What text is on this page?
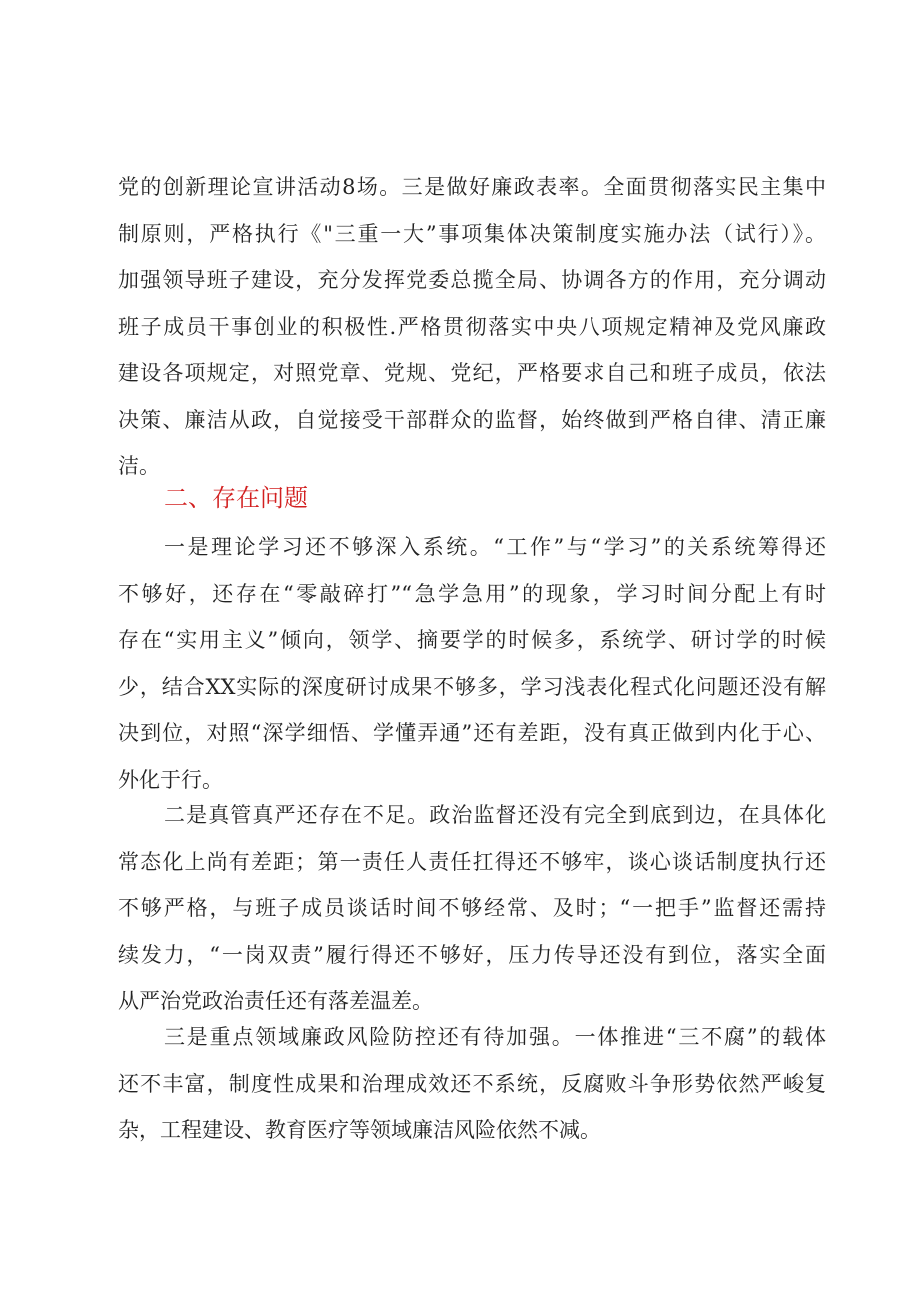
党的创新理论宣讲活动8场。三是做好廉政表率。全面贯彻落实民主集中
制原则，严格执行《"三重一大”事项集体决策制度实施办法（试行）》。
加强领导班子建设，充分发挥党委总揽全局、协调各方的作用，充分调动
班子成员干事创业的积极性.严格贯彻落实中央八项规定精神及党风廉政
建设各项规定，对照党章、党规、党纪，严格要求自己和班子成员，依法
决策、廉洁从政，自觉接受干部群众的监督，始终做到严格自律、清正廉
洁。
二、存在问题
一是理论学习还不够深入系统。“工作”与“学习”的关系统筹得还
不够好，还存在“零敲碎打”“急学急用”的现象，学习时间分配上有时
存在“实用主义”倾向，领学、摘要学的时候多，系统学、研讨学的时候
少，结合XX实际的深度研讨成果不够多，学习浅表化程式化问题还没有解
决到位，对照“深学细悟、学懂弄通”还有差距，没有真正做到内化于心、
外化于行。
二是真管真严还存在不足。政治监督还没有完全到底到边，在具体化
常态化上尚有差距；第一责任人责任扛得还不够牢，谈心谈话制度执行还
不够严格，与班子成员谈话时间不够经常、及时；“一把手”监督还需持
续发力，“一岗双责”履行得还不够好，压力传导还没有到位，落实全面
从严治党政治责任还有落差温差。
三是重点领域廉政风险防控还有待加强。一体推进“三不腐”的载体
还不丰富，制度性成果和治理成效还不系统，反腐败斗争形势依然严峻复
杂，工程建设、教育医疗等领域廉洁风险依然不减。
